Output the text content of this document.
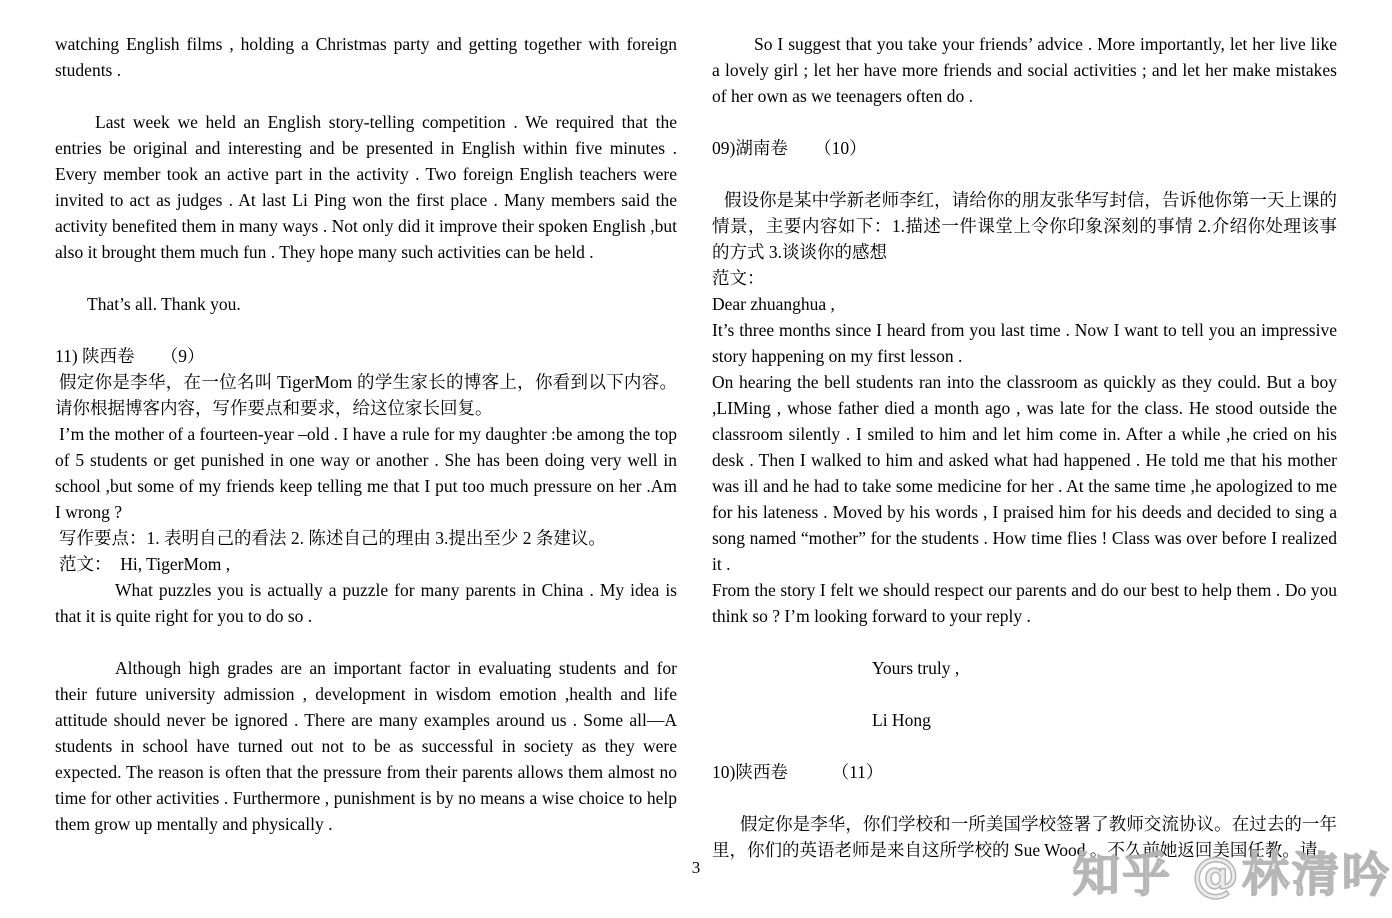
watching English films , holding a Christmas party and getting together with foreign students .

Last week we held an English story-telling competition . We required that the entries be original and interesting and be presented in English within five minutes . Every member took an active part in the activity . Two foreign English teachers were invited to act as judges . At last Li Ping won the first place . Many members said the activity benefited them in many ways . Not only did it improve their spoken English ,but also it brought them much fun . They hope many such activities can be held .

That’s all. Thank you.

11) 陕西卷　　（9）

假定你是李华，在一位名叫 TigerMom 的学生家长的博客上，你看到以下内容。 请你根据博客内容，写作要点和要求，给这位家长回复。

I’m the mother of a fourteen-year –old . I have a rule for my daughter :be among the top of 5 students or get punished in one way or another . She has been doing very well in school ,but some of my friends keep telling me that I put too much pressure on her .Am I wrong ?

写作要点：1. 表明自己的看法 2. 陈述自己的理由 3.提出至少 2 条建议。

范文：　Hi, TigerMom ,

What puzzles you is actually a puzzle for many parents in China . My idea is that it is quite right for you to do so .

Although high grades are an important factor in evaluating students and for their future university admission , development in wisdom emotion ,health and life attitude should never be ignored . There are many examples around us . Some all—A students in school have turned out not to be as successful in society as they were expected. The reason is often that the pressure from their parents allows them almost no time for other activities . Furthermore , punishment is by no means a wise choice to help them grow up mentally and physically .

So I suggest that you take your friends’ advice . More importantly, let her live like a lovely girl ; let her have more friends and social activities ; and let her make mistakes of her own as we teenagers often do .

09)湖南卷　　（10）

假设你是某中学新老师李红，请给你的朋友张华写封信，告诉他你第一天上课的情景，主要内容如下：1.描述一件课堂上令你印象深刻的事情 2.介绍你处理该事的方式 3.谈谈你的感想

范文：

Dear zhuanghua ,

It’s three months since I heard from you last time . Now I want to tell you an impressive story happening on my first lesson .

On hearing the bell students ran into the classroom as quickly as they could. But a boy ,LIMing , whose father died a month ago , was late for the class. He stood outside the classroom silently . I smiled to him and let him come in. After a while ,he cried on his desk . Then I walked to him and asked what had happened . He told me that his mother was ill and he had to take some medicine for her . At the same time ,he apologized to me for his lateness . Moved by his words , I praised him for his deeds and decided to sing a song named “mother” for the students . How time flies ! Class was over before I realized it .

From the story I felt we should respect our parents and do our best to help them . Do you think so ? I’m looking forward to your reply .

Yours truly ,

Li Hong

10)陕西卷　　　（11）

假定你是李华，你们学校和一所美国学校签署了教师交流协议。在过去的一年里，你们的英语老师是来自这所学校的 Sue Wood 。不久前她返回美国任教。请

3	知乎 @林清吟
